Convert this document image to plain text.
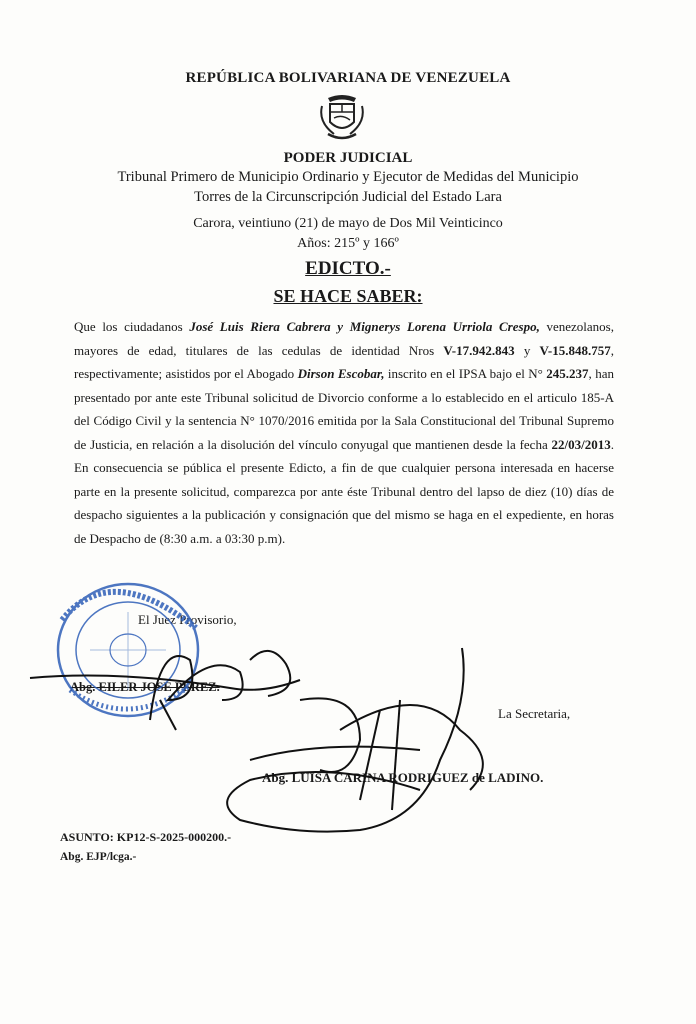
REPÚBLICA BOLIVARIANA DE VENEZUELA
PODER JUDICIAL
Tribunal Primero de Municipio Ordinario y Ejecutor de Medidas del Municipio
Torres de la Circunscripción Judicial del Estado Lara
Carora, veintiuno (21) de mayo de Dos Mil Veinticinco
Años: 215º y 166º
EDICTO.-
SE HACE SABER:
Que los ciudadanos José Luis Riera Cabrera y Mignerys Lorena Urriola Crespo, venezolanos, mayores de edad, titulares de las cedulas de identidad Nros V-17.942.843 y V-15.848.757, respectivamente; asistidos por el Abogado Dirson Escobar, inscrito en el IPSA bajo el N° 245.237, han presentado por ante este Tribunal solicitud de Divorcio conforme a lo establecido en el articulo 185-A del Código Civil y la sentencia N° 1070/2016 emitida por la Sala Constitucional del Tribunal Supremo de Justicia, en relación a la disolución del vínculo conyugal que mantienen desde la fecha 22/03/2013. En consecuencia se pública el presente Edicto, a fin de que cualquier persona interesada en hacerse parte en la presente solicitud, comparezca por ante éste Tribunal dentro del lapso de diez (10) días de despacho siguientes a la publicación y consignación que del mismo se haga en el expediente, en horas de Despacho de (8:30 a.m. a 03:30 p.m).
El Juez Provisorio,
Abg. EILER JOSE PEREZ.
La Secretaria,
Abg. LUISA CARINA RODRIGUEZ de LADINO.
ASUNTO: KP12-S-2025-000200.-
Abg. EJP/lcga.-
